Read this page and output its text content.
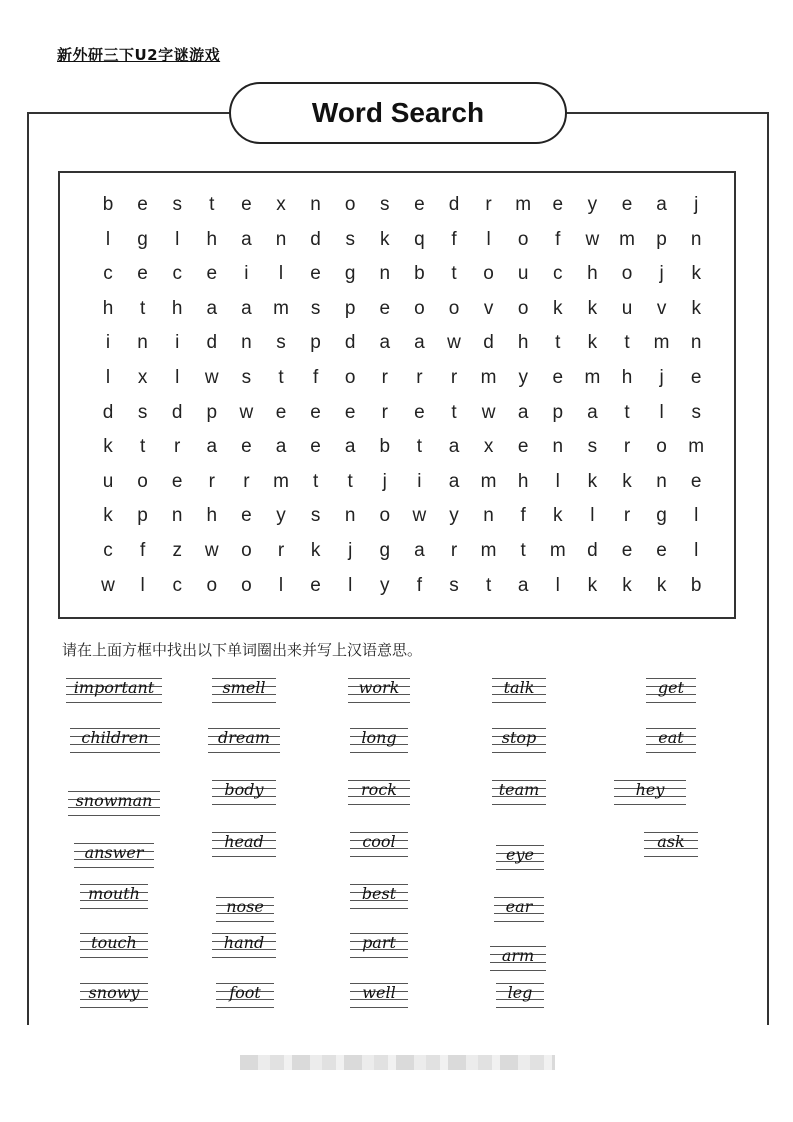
新外研三下U2字谜游戏
Word Search
b	e	s	t	e	x	n	o	s	e	d	r	m	e	y	e	a	j
l	g	l	h	a	n	d	s	k	q	f	l	o	f	w	m	p	n
c	e	c	e	i	l	e	g	n	b	t	o	u	c	h	o	j	k
h	t	h	a	a	m	s	p	e	o	o	v	o	k	k	u	v	k
i	n	i	d	n	s	p	d	a	a	w	d	h	t	k	t	m	n
l	x	l	w	s	t	f	o	r	r	r	m	y	e	m	h	j	e
d	s	d	p	w	e	e	e	r	e	t	w	a	p	a	t	l	s
k	t	r	a	e	a	e	a	b	t	a	x	e	n	s	r	o	m
u	o	e	r	r	m	t	t	j	i	a	m	h	l	k	k	n	e
k	p	n	h	e	y	s	n	o	w	y	n	f	k	l	r	g	l
c	f	z	w	o	r	k	j	g	a	r	m	t	m	d	e	e	l
w	l	c	o	o	l	e	l	y	f	s	t	a	l	k	k	k	b
请在上面方框中找出以下单词圈出来并写上汉语意思。
important
children
snowman
answer
mouth
touch
snowy
smell
dream
body
head
nose
hand
foot
work
long
rock
cool
best
part
well
talk
stop
team
eye
ear
arm
leg
get
eat
hey
ask
